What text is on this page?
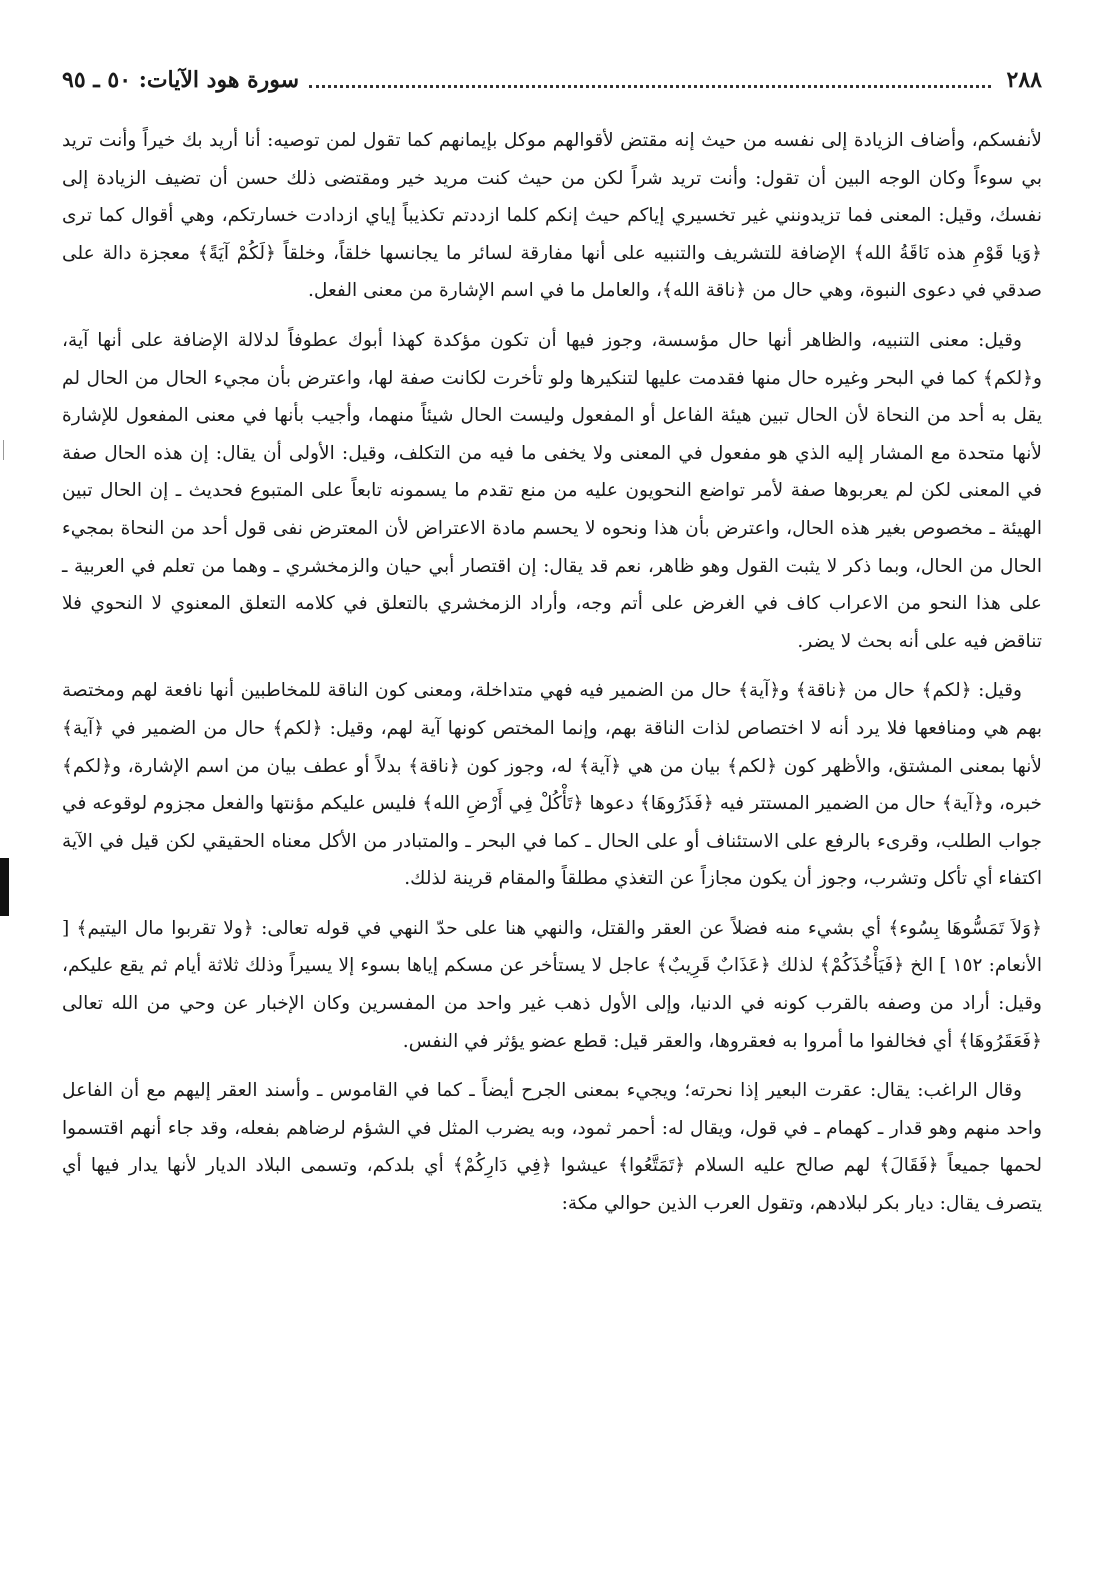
٢٨٨
سورة هود الآيات: ٥٠ ـ ٩٥

لأنفسكم، وأضاف الزيادة إلى نفسه من حيث إنه مقتض لأقوالهم موكل بإيمانهم كما تقول لمن توصيه: أنا أريد بك خيراً وأنت تريد بي سوءاً وكان الوجه البين أن تقول: وأنت تريد شراً لكن من حيث كنت مريد خير ومقتضى ذلك حسن أن تضيف الزيادة إلى نفسك، وقيل: المعنى فما تزيدونني غير تخسيري إياكم حيث إنكم كلما ازددتم تكذيباً إياي ازدادت خسارتكم، وهي أقوال كما ترى ﴿وَيا قَوْمِ هذه نَاقَةُ الله﴾ الإضافة للتشريف والتنبيه على أنها مفارقة لسائر ما يجانسها خلقاً، وخلقاً ﴿لَكُمْ آيَةً﴾ معجزة دالة على صدقي في دعوى النبوة، وهي حال من ﴿ناقة الله﴾، والعامل ما في اسم الإشارة من معنى الفعل.

وقيل: معنى التنبيه، والظاهر أنها حال مؤسسة، وجوز فيها أن تكون مؤكدة كهذا أبوك عطوفاً لدلالة الإضافة على أنها آية، و﴿لكم﴾ كما في البحر وغيره حال منها فقدمت عليها لتنكيرها ولو تأخرت لكانت صفة لها، واعترض بأن مجيء الحال من الحال لم يقل به أحد من النحاة لأن الحال تبين هيئة الفاعل أو المفعول وليست الحال شيئاً منهما، وأجيب بأنها في معنى المفعول للإشارة لأنها متحدة مع المشار إليه الذي هو مفعول في المعنى ولا يخفى ما فيه من التكلف، وقيل: الأولى أن يقال: إن هذه الحال صفة في المعنى لكن لم يعربوها صفة لأمر تواضع النحويون عليه من منع تقدم ما يسمونه تابعاً على المتبوع فحديث ـ إن الحال تبين الهيئة ـ مخصوص بغير هذه الحال، واعترض بأن هذا ونحوه لا يحسم مادة الاعتراض لأن المعترض نفى قول أحد من النحاة بمجيء الحال من الحال، وبما ذكر لا يثبت القول وهو ظاهر، نعم قد يقال: إن اقتصار أبي حيان والزمخشري ـ وهما من تعلم في العربية ـ على هذا النحو من الاعراب كاف في الغرض على أتم وجه، وأراد الزمخشري بالتعلق في كلامه التعلق المعنوي لا النحوي فلا تناقض فيه على أنه بحث لا يضر.

وقيل: ﴿لكم﴾ حال من ﴿ناقة﴾ و﴿آية﴾ حال من الضمير فيه فهي متداخلة، ومعنى كون الناقة للمخاطبين أنها نافعة لهم ومختصة بهم هي ومنافعها فلا يرد أنه لا اختصاص لذات الناقة بهم، وإنما المختص كونها آية لهم، وقيل: ﴿لكم﴾ حال من الضمير في ﴿آية﴾ لأنها بمعنى المشتق، والأظهر كون ﴿لكم﴾ بيان من هي ﴿آية﴾ له، وجوز كون ﴿ناقة﴾ بدلاً أو عطف بيان من اسم الإشارة، و﴿لكم﴾ خبره، و﴿آية﴾ حال من الضمير المستتر فيه ﴿فَذَرُوهَا﴾ دعوها ﴿تَأْكُلْ فِي أَرْضِ الله﴾ فليس عليكم مؤنتها والفعل مجزوم لوقوعه في جواب الطلب، وقرىء بالرفع على الاستئناف أو على الحال ـ كما في البحر ـ والمتبادر من الأكل معناه الحقيقي لكن قيل في الآية اكتفاء أي تأكل وتشرب، وجوز أن يكون مجازاً عن التغذي مطلقاً والمقام قرينة لذلك.

﴿وَلاَ تَمَسُّوهَا بِسُوء﴾ أي بشيء منه فضلاً عن العقر والقتل، والنهي هنا على حدّ النهي في قوله تعالى: ﴿ولا تقربوا مال اليتيم﴾ [ الأنعام: ١٥٢ ] الخ ﴿فَيَأْخُذَكُمْ﴾ لذلك ﴿عَذَابٌ قَرِيبٌ﴾ عاجل لا يستأخر عن مسكم إياها بسوء إلا يسيراً وذلك ثلاثة أيام ثم يقع عليكم، وقيل: أراد من وصفه بالقرب كونه في الدنيا، وإلى الأول ذهب غير واحد من المفسرين وكان الإخبار عن وحي من الله تعالى ﴿فَعَقَرُوهَا﴾ أي فخالفوا ما أمروا به فعقروها، والعقر قيل: قطع عضو يؤثر في النفس.

وقال الراغب: يقال: عقرت البعير إذا نحرته؛ ويجيء بمعنى الجرح أيضاً ـ كما في القاموس ـ وأسند العقر إليهم مع أن الفاعل واحد منهم وهو قدار ـ كهمام ـ في قول، ويقال له: أحمر ثمود، وبه يضرب المثل في الشؤم لرضاهم بفعله، وقد جاء أنهم اقتسموا لحمها جميعاً ﴿فَقَالَ﴾ لهم صالح عليه السلام ﴿تَمَتَّعُوا﴾ عيشوا ﴿فِي دَارِكُمْ﴾ أي بلدكم، وتسمى البلاد الديار لأنها يدار فيها أي يتصرف يقال: ديار بكر لبلادهم، وتقول العرب الذين حوالي مكة:
